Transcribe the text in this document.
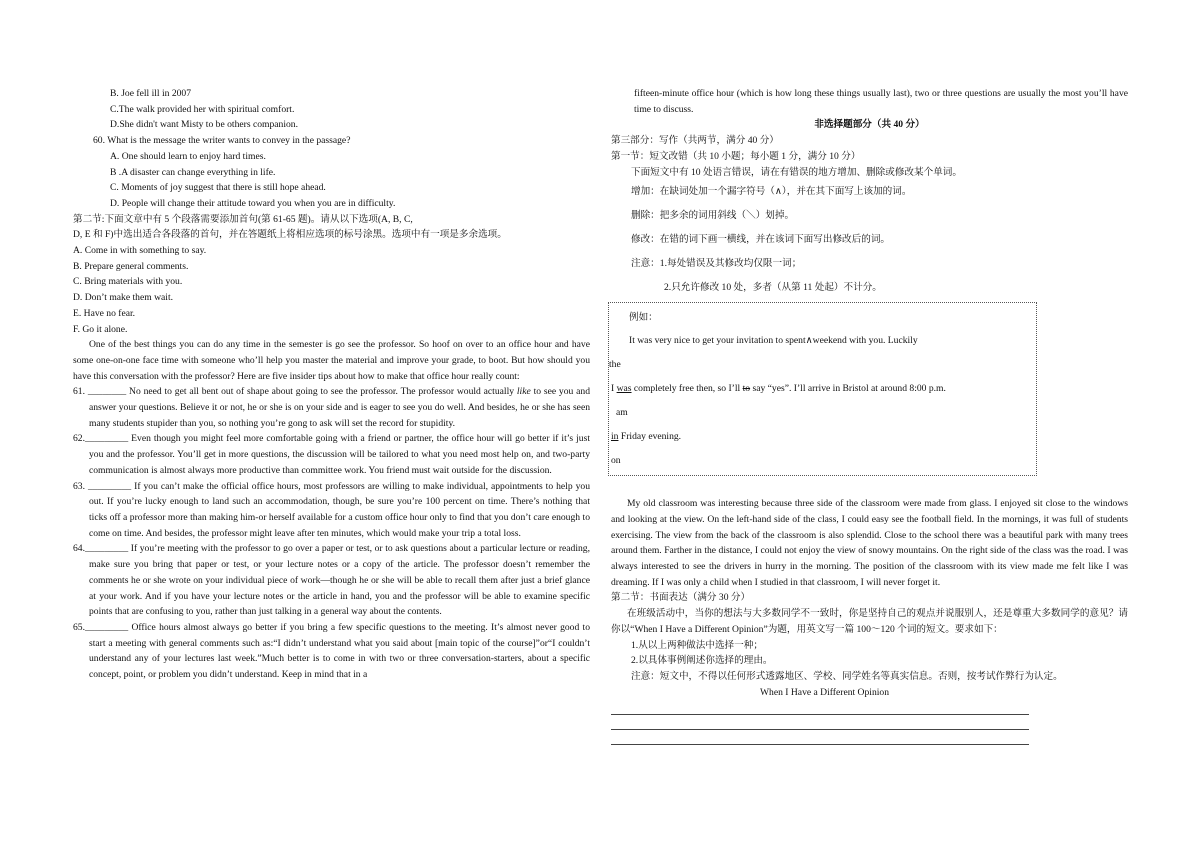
B. Joe fell ill in 2007

C.The walk provided her with spiritual comfort.

D.She didn't want Misty to be others companion.

60. What is the message the writer wants to convey in the passage?

A. One should learn to enjoy hard times.

B .A disaster can change everything in life.

C. Moments of joy suggest that there is still hope ahead.

D. People will change their attitude toward you when you are in difficulty.

第二节:下面文章中有 5 个段落需要添加首句(第 61-65 题)。请从以下选项(A, B, C,

D, E 和 F)中选出适合各段落的首句，并在答题纸上将相应选项的标号涂黑。选项中有一项是多余选项。

A. Come in with something to say.

B. Prepare general comments.

C. Bring materials with you.

D. Don’t make them wait.

E. Have no fear.

F. Go it alone.

One of the best things you can do any time in the semester is go see the professor. So hoof on over to an office hour and have some one-on-one face time with someone who’ll help you master the material and improve your grade, to boot. But how should you have this conversation with the professor? Here are five insider tips about how to make that office hour really count:

61. ________ No need to get all bent out of shape about going to see the professor. The professor would actually like to see you and answer your questions. Believe it or not, he or she is on your side and is eager to see you do well. And besides, he or she has seen many students stupider than you, so nothing you’re gong to ask will set the record for stupidity.

62._________ Even though you might feel more comfortable going with a friend or partner, the office hour will go better if it’s just you and the professor. You’ll get in more questions, the discussion will be tailored to what you need most help on, and two-party communication is almost always more productive than committee work. You friend must wait outside for the discussion.

63. _________ If you can’t make the official office hours, most professors are willing to make individual, appointments to help you out. If you’re lucky enough to land such an accommodation, though, be sure you’re 100 percent on time. There’s nothing that ticks off a professor more than making him-or herself available for a custom office hour only to find that you don’t care enough to come on time. And besides, the professor might leave after ten minutes, which would make your trip a total loss.

64._________ If you’re meeting with the professor to go over a paper or test, or to ask questions about a particular lecture or reading, make sure you bring that paper or test, or your lecture notes or a copy of the article. The professor doesn’t remember the comments he or she wrote on your individual piece of work—though he or she will be able to recall them after just a brief glance at your work. And if you have your lecture notes or the article in hand, you and the professor will be able to examine specific points that are confusing to you, rather than just talking in a general way about the contents.

65._________ Office hours almost always go better if you bring a few specific questions to the meeting. It’s almost never good to start a meeting with general comments such as:“I didn’t understand what you said about [main topic of the course]”or“I couldn’t understand any of your lectures last week.”Much better is to come in with two or three conversation-starters, about a specific concept, point, or problem you didn’t understand. Keep in mind that in a

fifteen-minute office hour (which is how long these things usually last), two or three questions are usually the most you’ll have time to discuss.

非选择题部分（共 40 分）

第三部分：写作（共两节，满分 40 分）

第一节：短文改错（共 10 小题；每小题 1 分，满分 10 分）

下面短文中有 10 处语言错误，请在有错误的地方增加、删除或修改某个单词。

增加：在缺词处加一个漏字符号（∧），并在其下面写上该加的词。

删除：把多余的词用斜线（＼）划掉。

修改：在错的词下画一横线，并在该词下面写出修改后的词。

注意：1.每处错误及其修改均仅限一词；

2.只允许修改 10 处，多者（从第 11 处起）不计分。

例如：

It was very nice to get your invitation to spent∧weekend with you. Luckily

the

I was completely free then, so I’ll to say “yes”. I’ll arrive in Bristol at around 8:00 p.m.

am

in Friday evening.

on

My old classroom was interesting because three side of the classroom were made from glass. I enjoyed sit close to the windows and looking at the view. On the left-hand side of the class, I could easy see the football field. In the mornings, it was full of students exercising. The view from the back of the classroom is also splendid. Close to the school there was a beautiful park with many trees around them. Farther in the distance, I could not enjoy the view of snowy mountains. On the right side of the class was the road. I was always interested to see the drivers in hurry in the morning. The position of the classroom with its view made me felt like I was dreaming. If I was only a child when I studied in that classroom, I will never forget it.

第二节：书面表达（满分 30 分）

在班级活动中，当你的想法与大多数同学不一致时，你是坚持自己的观点并说服别人，还是尊重大多数同学的意见？请你以“When I Have a Different Opinion”为题，用英文写一篇 100～120 个词的短文。要求如下：

1.从以上两种做法中选择一种；

2.以具体事例阐述你选择的理由。

注意：短文中，不得以任何形式透露地区、学校、同学姓名等真实信息。否则，按考试作弊行为认定。

When I Have a Different Opinion
